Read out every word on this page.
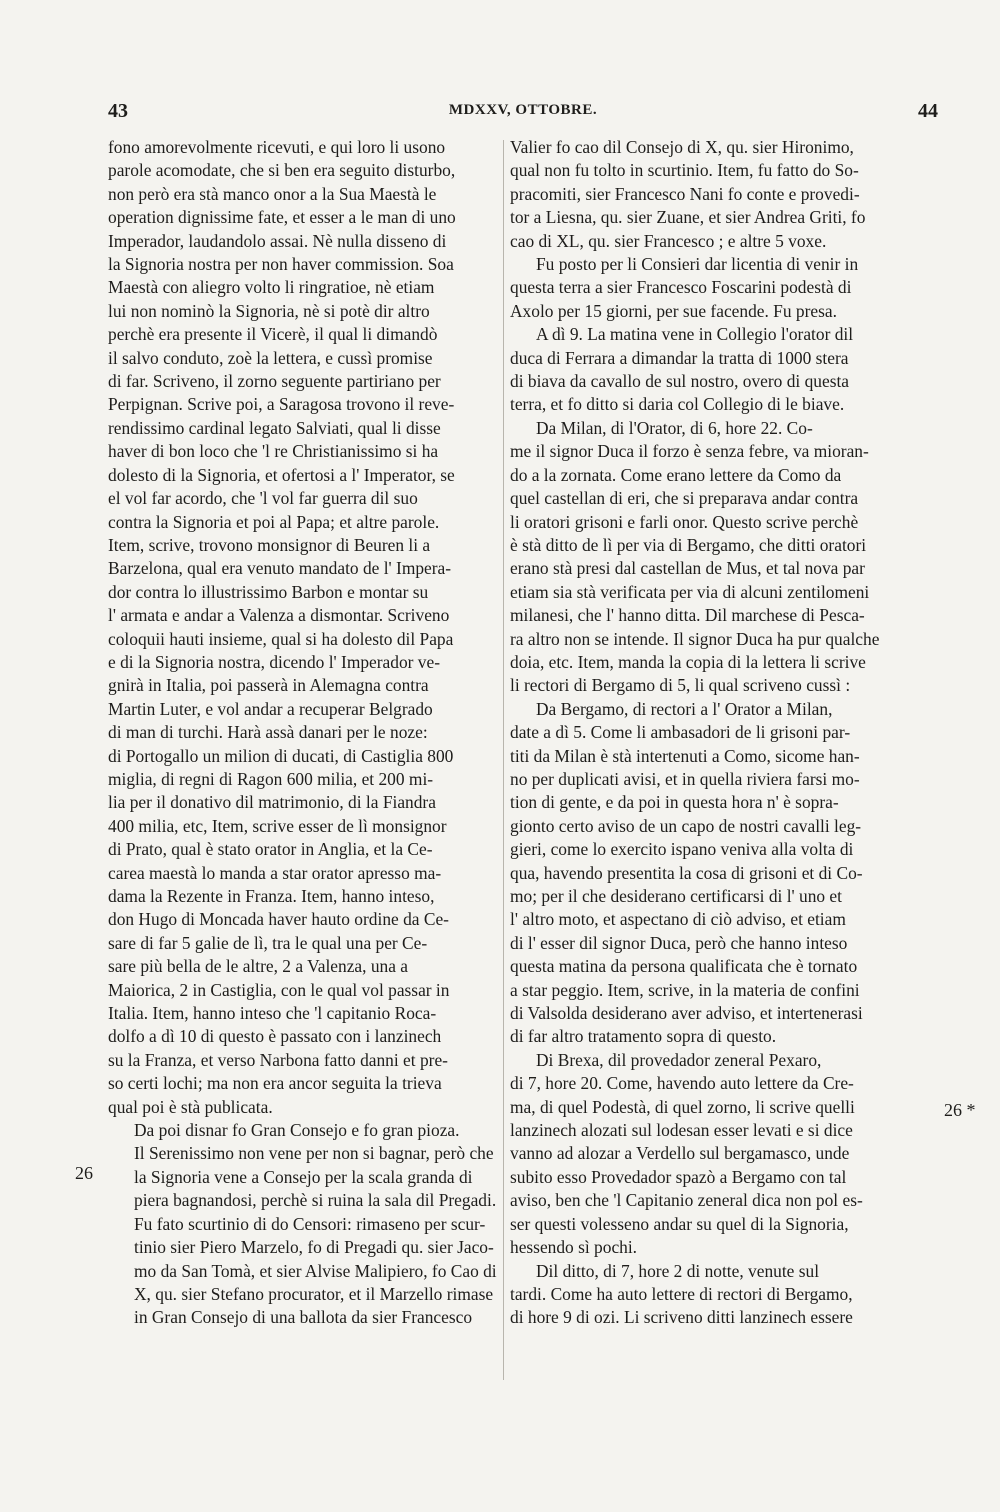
43	MDXXV, OTTOBRE.	44
26
26 *

fono amorevolmente ricevuti, e qui loro li usono
parole acomodate, che si ben era seguito disturbo,
non però era stà manco onor a la Sua Maestà le
operation dignissime fate, et esser a le man di uno
Imperador, laudandolo assai. Nè nulla disseno di
la Signoria nostra per non haver commission. Soa
Maestà con aliegro volto li ringratioe, nè etiam
lui non nominò la Signoria, nè si potè dir altro
perchè era presente il Vicerè, il qual li dimandò
il salvo conduto, zoè la lettera, e cussì promise
di far. Scriveno, il zorno seguente partiriano per
Perpignan. Scrive poi, a Saragosa trovono il reve-
rendissimo cardinal legato Salviati, qual li disse
haver di bon loco che 'l re Christianissimo si ha
dolesto di la Signoria, et ofertosi a l' Imperator, se
el vol far acordo, che 'l vol far guerra dil suo
contra la Signoria et poi al Papa; et altre parole.
Item, scrive, trovono monsignor di Beuren li a
Barzelona, qual era venuto mandato de l' Impera-
dor contra lo illustrissimo Barbon e montar su
l' armata e andar a Valenza a dismontar. Scriveno
coloquii hauti insieme, qual si ha dolesto dil Papa
e di la Signoria nostra, dicendo l' Imperador ve-
gnirà in Italia, poi passerà in Alemagna contra
Martin Luter, e vol andar a recuperar Belgrado
di man di turchi. Harà assà danari per le noze:
di Portogallo un milion di ducati, di Castiglia 800
miglia, di regni di Ragon 600 milia, et 200 mi-
lia per il donativo dil matrimonio, di la Fiandra
400 milia, etc, Item, scrive esser de lì monsignor
di Prato, qual è stato orator in Anglia, et la Ce-
carea maestà lo manda a star orator apresso ma-
dama la Rezente in Franza. Item, hanno inteso,
don Hugo di Moncada haver hauto ordine da Ce-
sare di far 5 galie de lì, tra le qual una per Ce-
sare più bella de le altre, 2 a Valenza, una a
Maiorica, 2 in Castiglia, con le qual vol passar in
Italia. Item, hanno inteso che 'l capitanio Roca-
dolfo a dì 10 di questo è passato con i lanzinech
su la Franza, et verso Narbona fatto danni et pre-
so certi lochi; ma non era ancor seguita la trieva
qual poi è stà publicata.

Da poi disnar fo Gran Consejo e fo gran pioza.
Il Serenissimo non vene per non si bagnar, però che
la Signoria vene a Consejo per la scala granda di
piera bagnandosi, perchè si ruina la sala dil Pregadi.
Fu fato scurtinio di do Censori: rimaseno per scur-
tinio sier Piero Marzelo, fo di Pregadi qu. sier Jaco-
mo da San Tomà, et sier Alvise Malipiero, fo Cao di
X, qu. sier Stefano procurator, et il Marzello rimase
in Gran Consejo di una ballota da sier Francesco

Valier fo cao dil Consejo di X, qu. sier Hironimo,
qual non fu tolto in scurtinio. Item, fu fatto do So-
pracomiti, sier Francesco Nani fo conte e provedi-
tor a Liesna, qu. sier Zuane, et sier Andrea Griti, fo
cao di XL, qu. sier Francesco ; e altre 5 voxe.

Fu posto per li Consieri dar licentia di venir in
questa terra a sier Francesco Foscarini podestà di
Axolo per 15 giorni, per sue facende. Fu presa.

A dì 9. La matina vene in Collegio l'orator dil
duca di Ferrara a dimandar la tratta di 1000 stera
di biava da cavallo de sul nostro, overo di questa
terra, et fo ditto si daria col Collegio di le biave.

Da Milan, di l'Orator, di 6, hore 22. Co-
me il signor Duca il forzo è senza febre, va mioran-
do a la zornata. Come erano lettere da Como da
quel castellan di eri, che si preparava andar contra
li oratori grisoni e farli onor. Questo scrive perchè
è stà ditto de lì per via di Bergamo, che ditti oratori
erano stà presi dal castellan de Mus, et tal nova par
etiam sia stà verificata per via di alcuni zentilomeni
milanesi, che l' hanno ditta. Dil marchese di Pesca-
ra altro non se intende. Il signor Duca ha pur qualche
doia, etc. Item, manda la copia di la lettera li scrive
li rectori di Bergamo di 5, li qual scriveno cussì :

Da Bergamo, di rectori a l' Orator a Milan,
date a dì 5. Come li ambasadori de li grisoni par-
titi da Milan è stà intertenuti a Como, sicome han-
no per duplicati avisi, et in quella riviera farsi mo-
tion di gente, e da poi in questa hora n' è sopra-
gionto certo aviso de un capo de nostri cavalli leg-
gieri, come lo exercito ispano veniva alla volta di
qua, havendo presentita la cosa di grisoni et di Co-
mo; per il che desiderano certificarsi di l' uno et
l' altro moto, et aspectano di ciò adviso, et etiam
di l' esser dil signor Duca, però che hanno inteso
questa matina da persona qualificata che è tornato
a star peggio. Item, scrive, in la materia de confini
di Valsolda desiderano aver adviso, et intertenerasi
di far altro tratamento sopra di questo.

Di Brexa, dil provedador zeneral Pexaro,
di 7, hore 20. Come, havendo auto lettere da Cre-
ma, di quel Podestà, di quel zorno, li scrive quelli
lanzinech alozati sul lodesan esser levati e si dice
vanno ad alozar a Verdello sul bergamasco, unde
subito esso Provedador spazò a Bergamo con tal
aviso, ben che 'l Capitanio zeneral dica non pol es-
ser questi volesseno andar su quel di la Signoria,
hessendo sì pochi.

Dil ditto, di 7, hore 2 di notte, venute sul
tardi. Come ha auto lettere di rectori di Bergamo,
di hore 9 di ozi. Li scriveno ditti lanzinech essere
